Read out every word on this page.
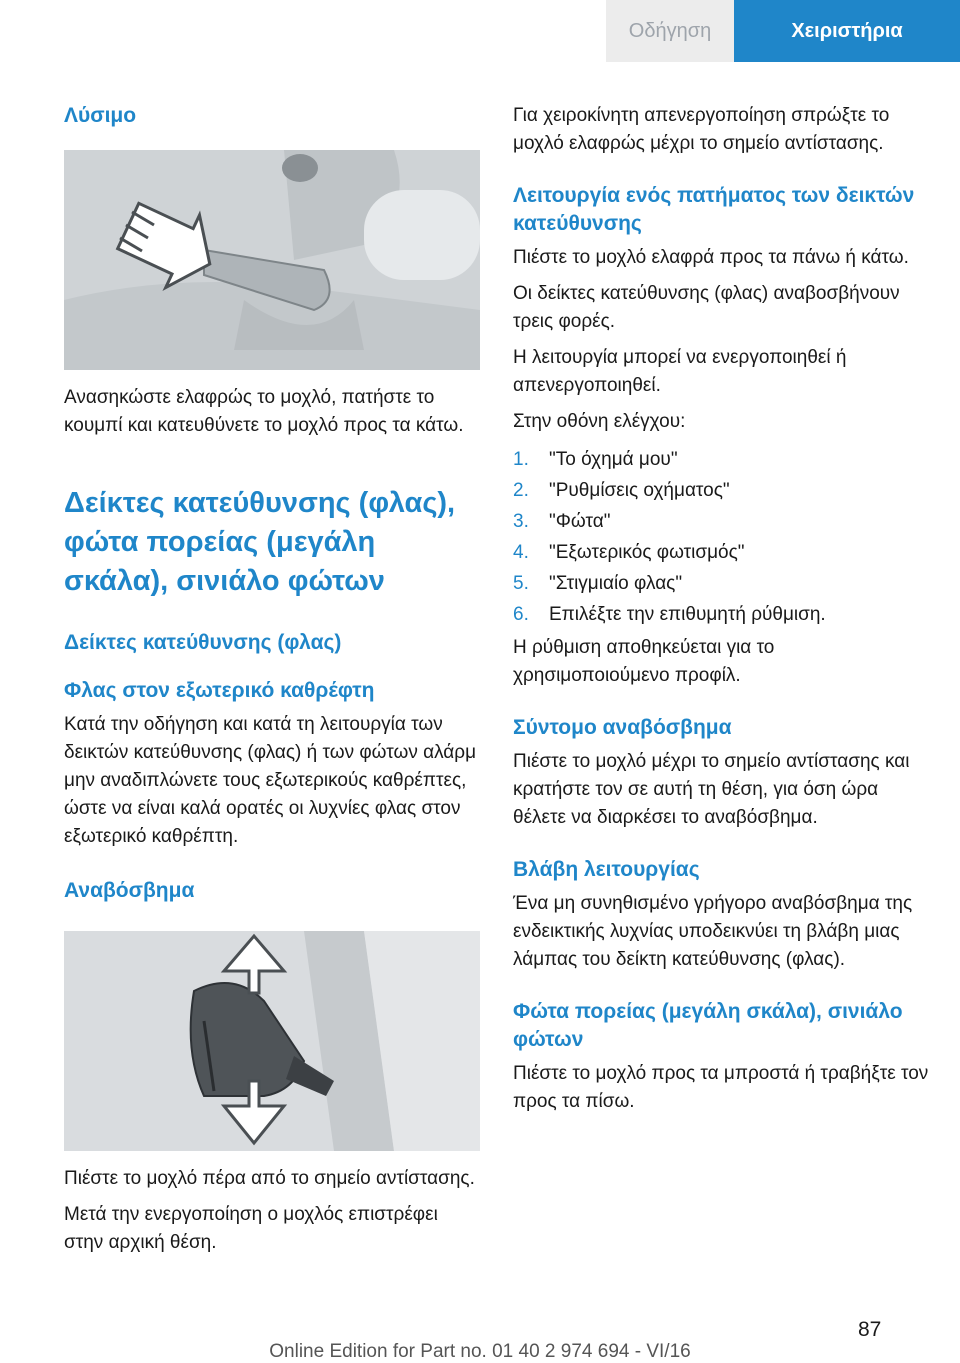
Οδήγηση	Χειριστήρια
Λύσιμο

Ανασηκώστε ελαφρώς το μοχλό, πατήστε το κουμπί και κατευθύνετε το μοχλό προς τα κάτω.

Δείκτες κατεύθυνσης (φλας), φώτα πορείας (μεγάλη σκάλα), σινιάλο φώτων
Δείκτες κατεύθυνσης (φλας)
Φλας στον εξωτερικό καθρέφτη

Κατά την οδήγηση και κατά τη λειτουργία των δεικτών κατεύθυνσης (φλας) ή των φώτων αλάρμ μην αναδιπλώνετε τους εξωτερικούς καθρέπτες, ώστε να είναι καλά ορατές οι λυχνίες φλας στον εξωτερικό καθρέπτη.

Αναβόσβημα

Πιέστε το μοχλό πέρα από το σημείο αντίστασης.

Μετά την ενεργοποίηση ο μοχλός επιστρέφει στην αρχική θέση.

Για χειροκίνητη απενεργοποίηση σπρώξτε το μοχλό ελαφρώς μέχρι το σημείο αντίστασης.

Λειτουργία ενός πατήματος των δεικτών κατεύθυνσης

Πιέστε το μοχλό ελαφρά προς τα πάνω ή κάτω.

Οι δείκτες κατεύθυνσης (φλας) αναβοσβήνουν τρεις φορές.

Η λειτουργία μπορεί να ενεργοποιηθεί ή απενεργοποιηθεί.

Στην οθόνη ελέγχου:

1.	"Το όχημά μου"
2.	"Ρυθμίσεις οχήματος"
3.	"Φώτα"
4.	"Εξωτερικός φωτισμός"
5.	"Στιγμιαίο φλας"
6.	Επιλέξτε την επιθυμητή ρύθμιση.

Η ρύθμιση αποθηκεύεται για το χρησιμοποιούμενο προφίλ.

Σύντομο αναβόσβημα

Πιέστε το μοχλό μέχρι το σημείο αντίστασης και κρατήστε τον σε αυτή τη θέση, για όση ώρα θέλετε να διαρκέσει το αναβόσβημα.

Βλάβη λειτουργίας

Ένα μη συνηθισμένο γρήγορο αναβόσβημα της ενδεικτικής λυχνίας υποδεικνύει τη βλάβη μιας λάμπας του δείκτη κατεύθυνσης (φλας).

Φώτα πορείας (μεγάλη σκάλα), σινιάλο φώτων

Πιέστε το μοχλό προς τα μπροστά ή τραβήξτε τον προς τα πίσω.

87
Online Edition for Part no. 01 40 2 974 694 - VI/16
